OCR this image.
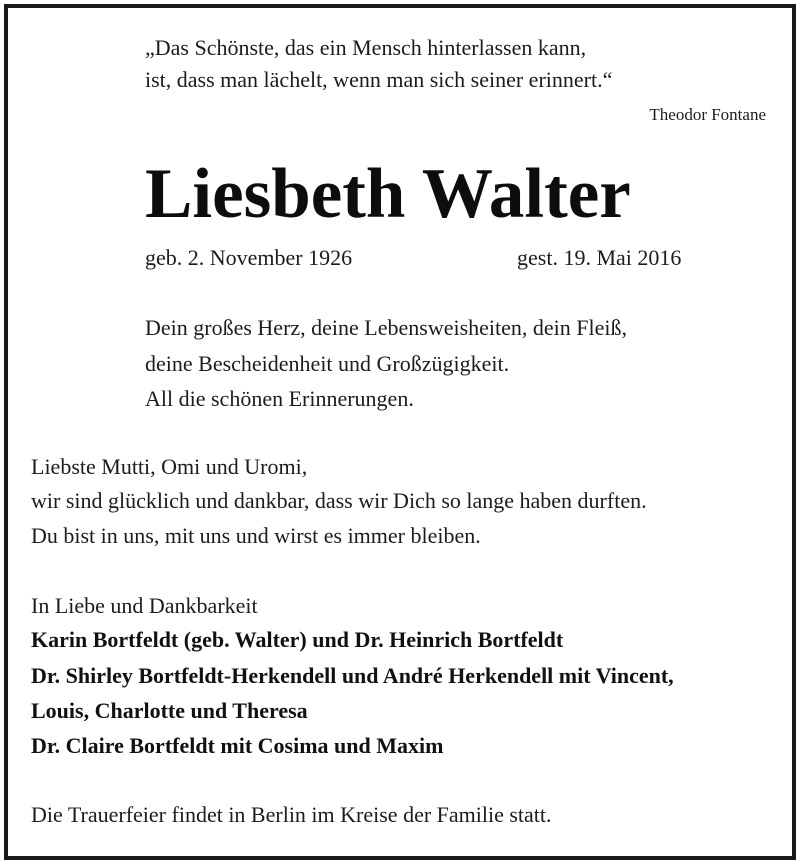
„Das Schönste, das ein Mensch hinterlassen kann,
ist, dass man lächelt, wenn man sich seiner erinnert.“
Theodor Fontane
Liesbeth Walter
geb. 2. November 1926	gest. 19. Mai 2016
Dein großes Herz, deine Lebensweisheiten, dein Fleiß,
deine Bescheidenheit und Großzügigkeit.
All die schönen Erinnerungen.
Liebste Mutti, Omi und Uromi,
wir sind glücklich und dankbar, dass wir Dich so lange haben durften.
Du bist in uns, mit uns und wirst es immer bleiben.
In Liebe und Dankbarkeit
Karin Bortfeldt (geb. Walter) und Dr. Heinrich Bortfeldt
Dr. Shirley Bortfeldt-Herkendell und André Herkendell mit Vincent,
Louis, Charlotte und Theresa
Dr. Claire Bortfeldt mit Cosima und Maxim
Die Trauerfeier findet in Berlin im Kreise der Familie statt.
